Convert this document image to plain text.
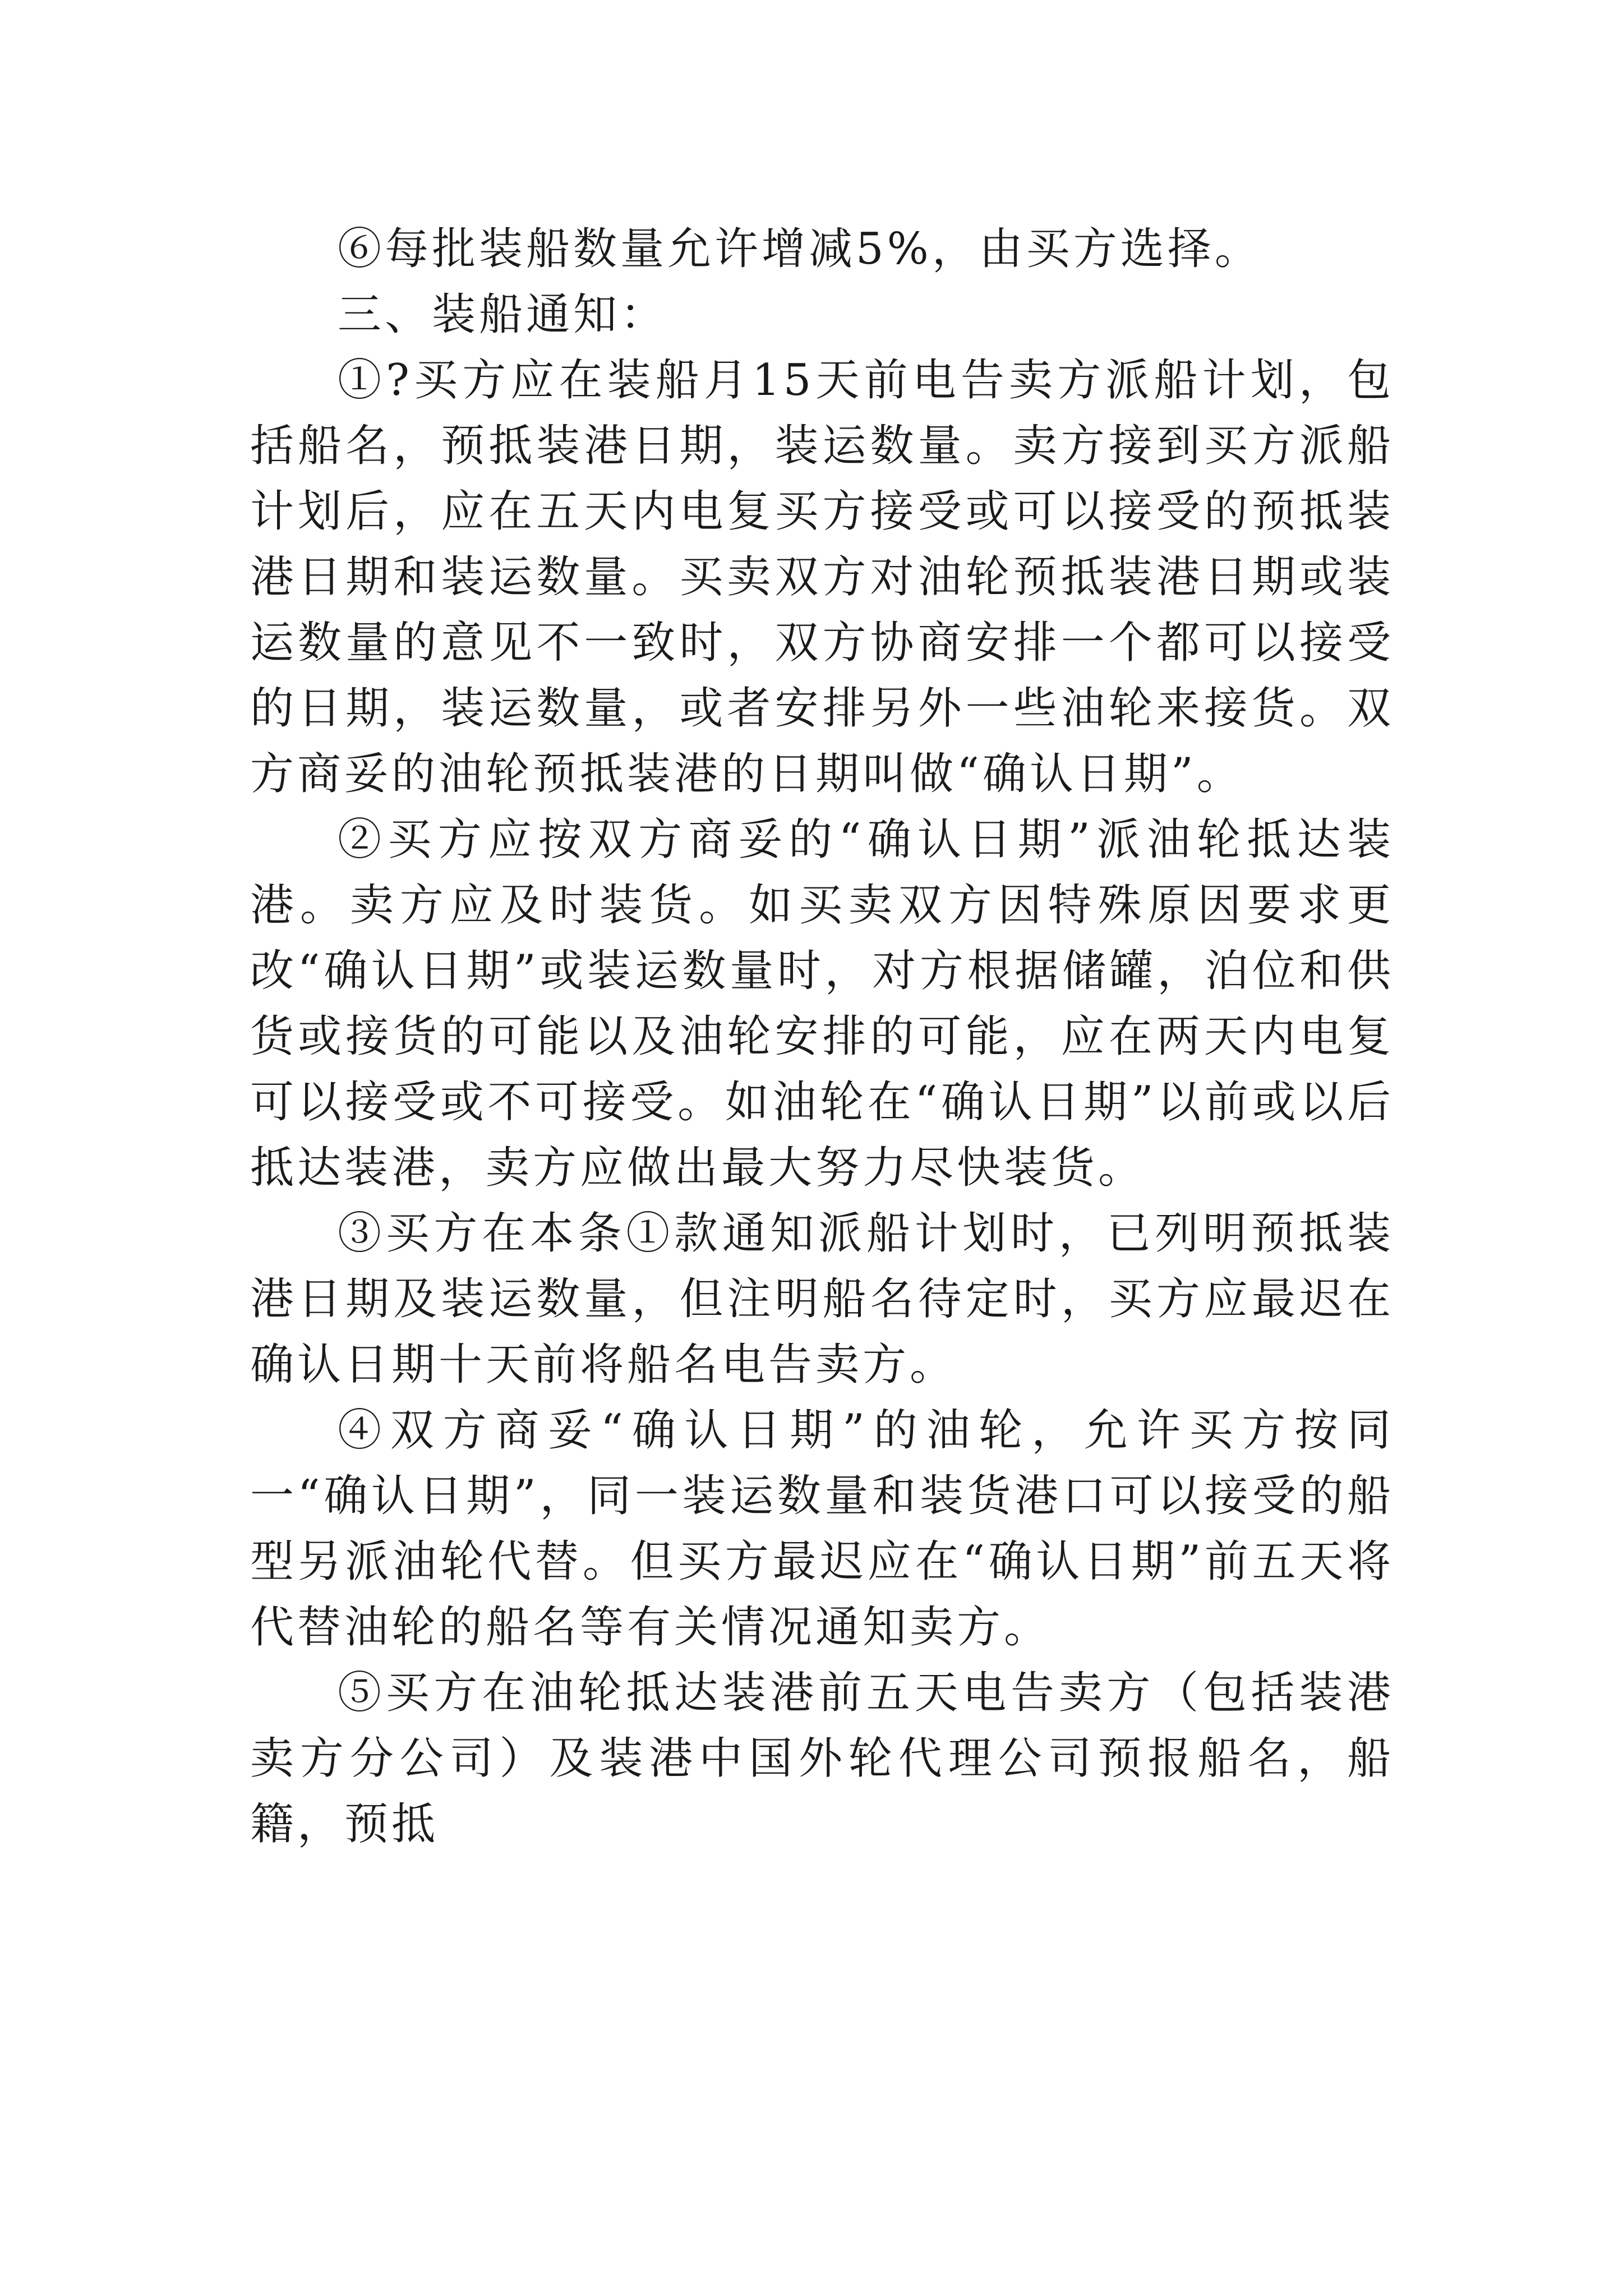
⑥每批装船数量允许增减5%，由买方选择。

三、装船通知：

①?买方应在装船月15天前电告卖方派船计划，包括船名，预抵装港日期，装运数量。卖方接到买方派船计划后，应在五天内电复买方接受或可以接受的预抵装港日期和装运数量。买卖双方对油轮预抵装港日期或装运数量的意见不一致时，双方协商安排一个都可以接受的日期，装运数量，或者安排另外一些油轮来接货。双方商妥的油轮预抵装港的日期叫做“确认日期”。

②买方应按双方商妥的“确认日期”派油轮抵达装港。卖方应及时装货。如买卖双方因特殊原因要求更改“确认日期”或装运数量时，对方根据储罐，泊位和供货或接货的可能以及油轮安排的可能，应在两天内电复可以接受或不可接受。如油轮在“确认日期”以前或以后抵达装港，卖方应做出最大努力尽快装货。

③买方在本条①款通知派船计划时，已列明预抵装港日期及装运数量，但注明船名待定时，买方应最迟在确认日期十天前将船名电告卖方。

④双方商妥“确认日期”的油轮，允许买方按同一“确认日期”，同一装运数量和装货港口可以接受的船型另派油轮代替。但买方最迟应在“确认日期”前五天将代替油轮的船名等有关情况通知卖方。

⑤买方在油轮抵达装港前五天电告卖方（包括装港卖方分公司）及装港中国外轮代理公司预报船名，船籍，预抵
